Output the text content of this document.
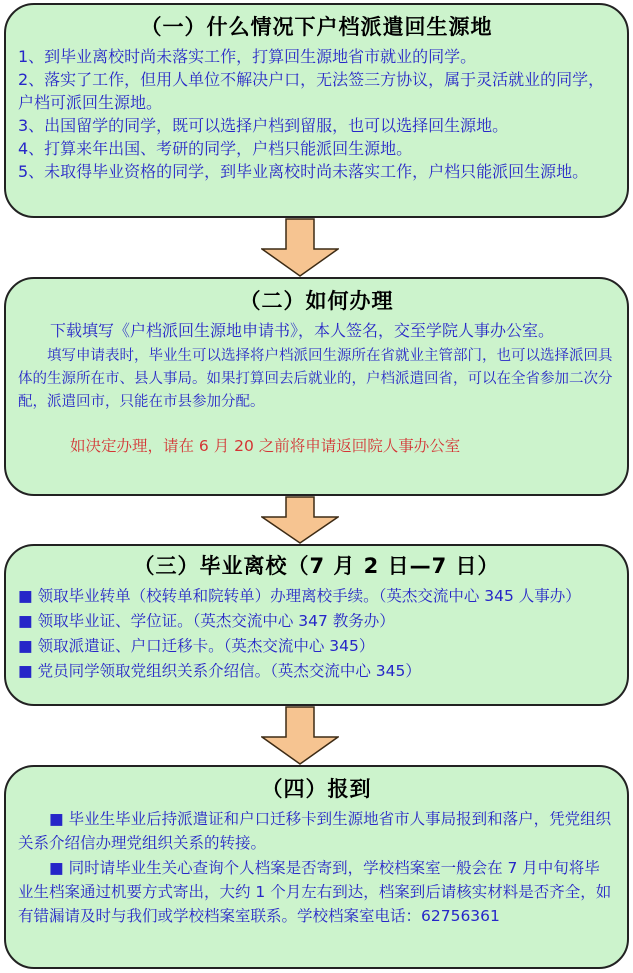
（一）什么情况下户档派遣回生源地

1、到毕业离校时尚未落实工作，打算回生源地省市就业的同学。

2、落实了工作，但用人单位不解决户口，无法签三方协议，属于灵活就业的同学，户档可派回生源地。

3、出国留学的同学，既可以选择户档到留服，也可以选择回生源地。

4、打算来年出国、考研的同学，户档只能派回生源地。

5、未取得毕业资格的同学，到毕业离校时尚未落实工作，户档只能派回生源地。

（二）如何办理

下载填写《户档派回生源地申请书》，本人签名，交至学院人事办公室。

填写申请表时，毕业生可以选择将户档派回生源所在省就业主管部门，也可以选择派回具体的生源所在市、县人事局。如果打算回去后就业的，户档派遣回省，可以在全省参加二次分配，派遣回市，只能在市县参加分配。

如决定办理，请在 6 月 20 之前将申请返回院人事办公室

（三）毕业离校（7 月 2 日—7 日）

■ 领取毕业转单（校转单和院转单）办理离校手续。（英杰交流中心 345 人事办）

■ 领取毕业证、学位证。（英杰交流中心 347 教务办）

■ 领取派遣证、户口迁移卡。（英杰交流中心 345）

■ 党员同学领取党组织关系介绍信。（英杰交流中心 345）

（四）报到

■ 毕业生毕业后持派遣证和户口迁移卡到生源地省市人事局报到和落户，凭党组织关系介绍信办理党组织关系的转接。

■ 同时请毕业生关心查询个人档案是否寄到，学校档案室一般会在 7 月中旬将毕业生档案通过机要方式寄出，大约 1 个月左右到达，档案到后请核实材料是否齐全，如有错漏请及时与我们或学校档案室联系。学校档案室电话：62756361
